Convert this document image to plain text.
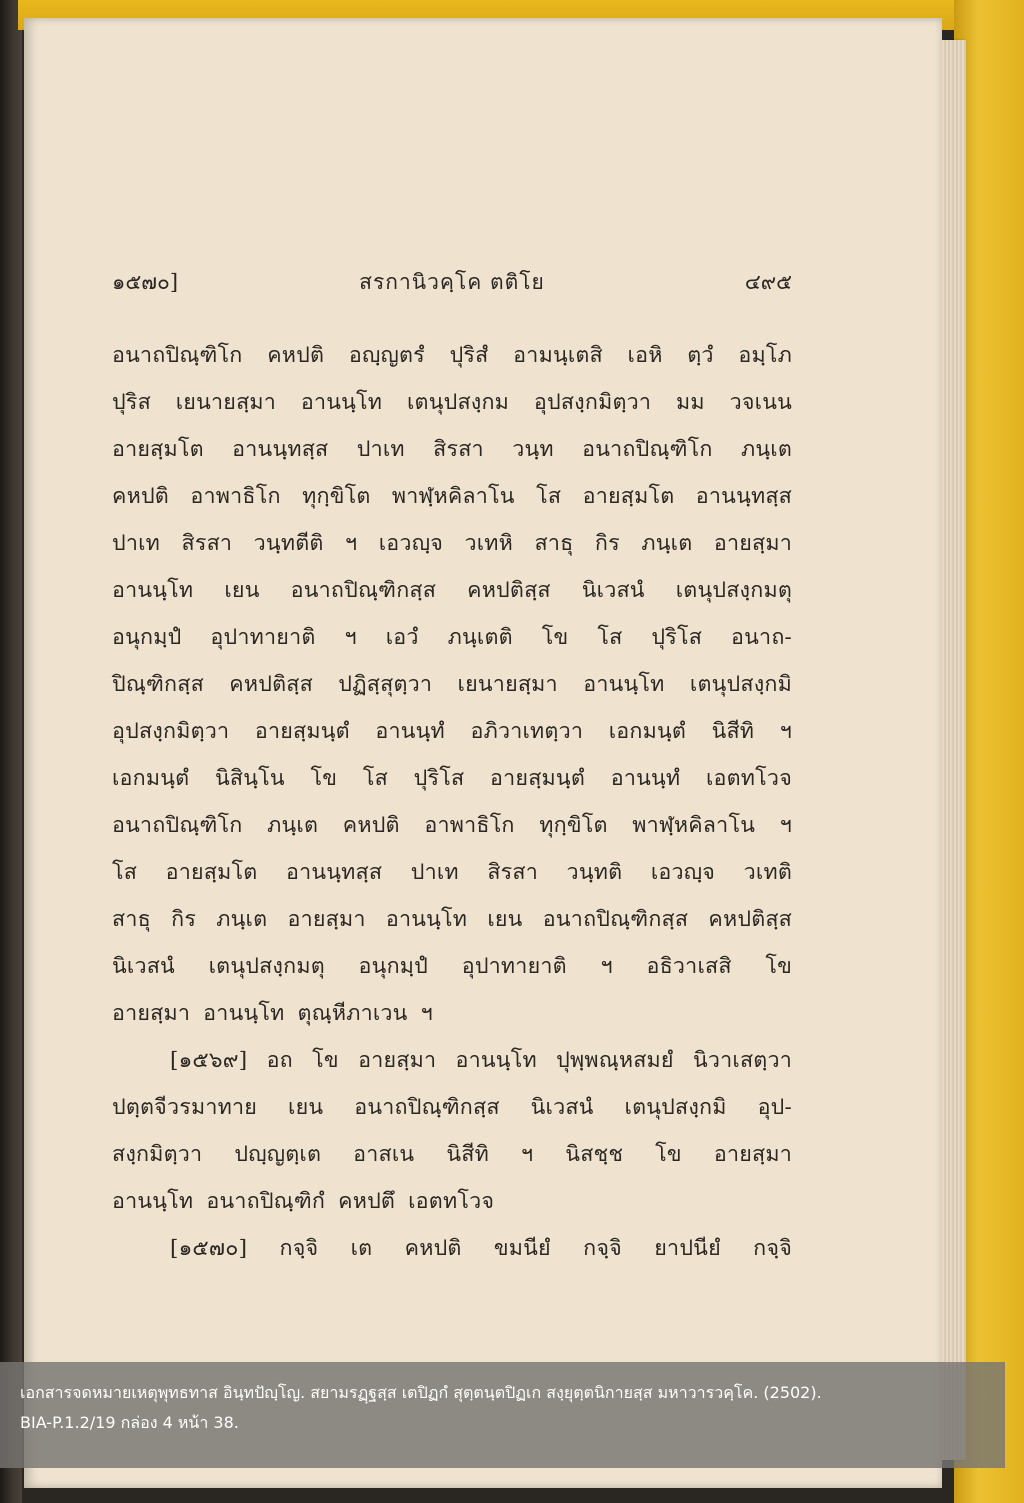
๑๕๗๐]	สรกานิวคฺโค ตติโย	๔๙๕
อนาถปิณฺฑิโก คหปติ อญฺญตรํ ปุริสํ อามนฺเตสิ เอหิ ตฺวํ อมฺโภ
ปุริส เยนายสฺมา อานนฺโท เตนุปสงฺกม อุปสงฺกมิตฺวา มม วจเนน
อายสฺมโต อานนฺทสฺส ปาเท สิรสา วนฺท อนาถปิณฺฑิโก ภนฺเต
คหปติ อาพาธิโก ทุกฺขิโต พาฬฺหคิลาโน โส อายสฺมโต อานนฺทสฺส
ปาเท สิรสา วนฺทตีติ ฯ เอวญฺจ วเทหิ สาธุ กิร ภนฺเต อายสฺมา
อานนฺโท เยน อนาถปิณฺฑิกสฺส คหปติสฺส นิเวสนํ เตนุปสงฺกมตุ
อนุกมฺปํ อุปาทายาติ ฯ เอวํ ภนฺเตติ โข โส ปุริโส อนาถ-
ปิณฺฑิกสฺส คหปติสฺส ปฏิสฺสุตฺวา เยนายสฺมา อานนฺโท เตนุปสงฺกมิ
อุปสงฺกมิตฺวา อายสฺมนฺตํ อานนฺทํ อภิวาเทตฺวา เอกมนฺตํ นิสีทิ ฯ
เอกมนฺตํ นิสินฺโน โข โส ปุริโส อายสฺมนฺตํ อานนฺทํ เอตทโวจ
อนาถปิณฺฑิโก ภนฺเต คหปติ อาพาธิโก ทุกฺขิโต พาฬฺหคิลาโน ฯ
โส อายสฺมโต อานนฺทสฺส ปาเท สิรสา วนฺทติ เอวญฺจ วเทติ
สาธุ กิร ภนฺเต อายสฺมา อานนฺโท เยน อนาถปิณฺฑิกสฺส คหปติสฺส
นิเวสนํ เตนุปสงฺกมตุ อนุกมฺปํ อุปาทายาติ ฯ อธิวาเสสิ โข
อายสฺมา อานนฺโท ตุณฺหีภาเวน ฯ
[๑๕๖๙] อถ โข อายสฺมา อานนฺโท ปุพฺพณฺหสมยํ นิวาเสตฺวา
ปตฺตจีวรมาทาย เยน อนาถปิณฺฑิกสฺส นิเวสนํ เตนุปสงฺกมิ อุป-
สงฺกมิตฺวา ปญฺญตฺเต อาสเน นิสีทิ ฯ นิสชฺช โข อายสฺมา
อานนฺโท อนาถปิณฺฑิกํ คหปตึ เอตทโวจ
[๑๕๗๐] กจฺจิ เต คหปติ ขมนียํ กจฺจิ ยาปนียํ กจฺจิ
เอกสารจดหมายเหตุพุทธทาส อินฺทปัญฺโญ. สยามรฏฺฐสฺส เตปิฏกํ สุตฺตนฺตปิฏเก สงฺยุตฺตนิกายสฺส มหาวารวคฺโค. (2502).
BIA-P.1.2/19 กล่อง 4 หน้า 38.
